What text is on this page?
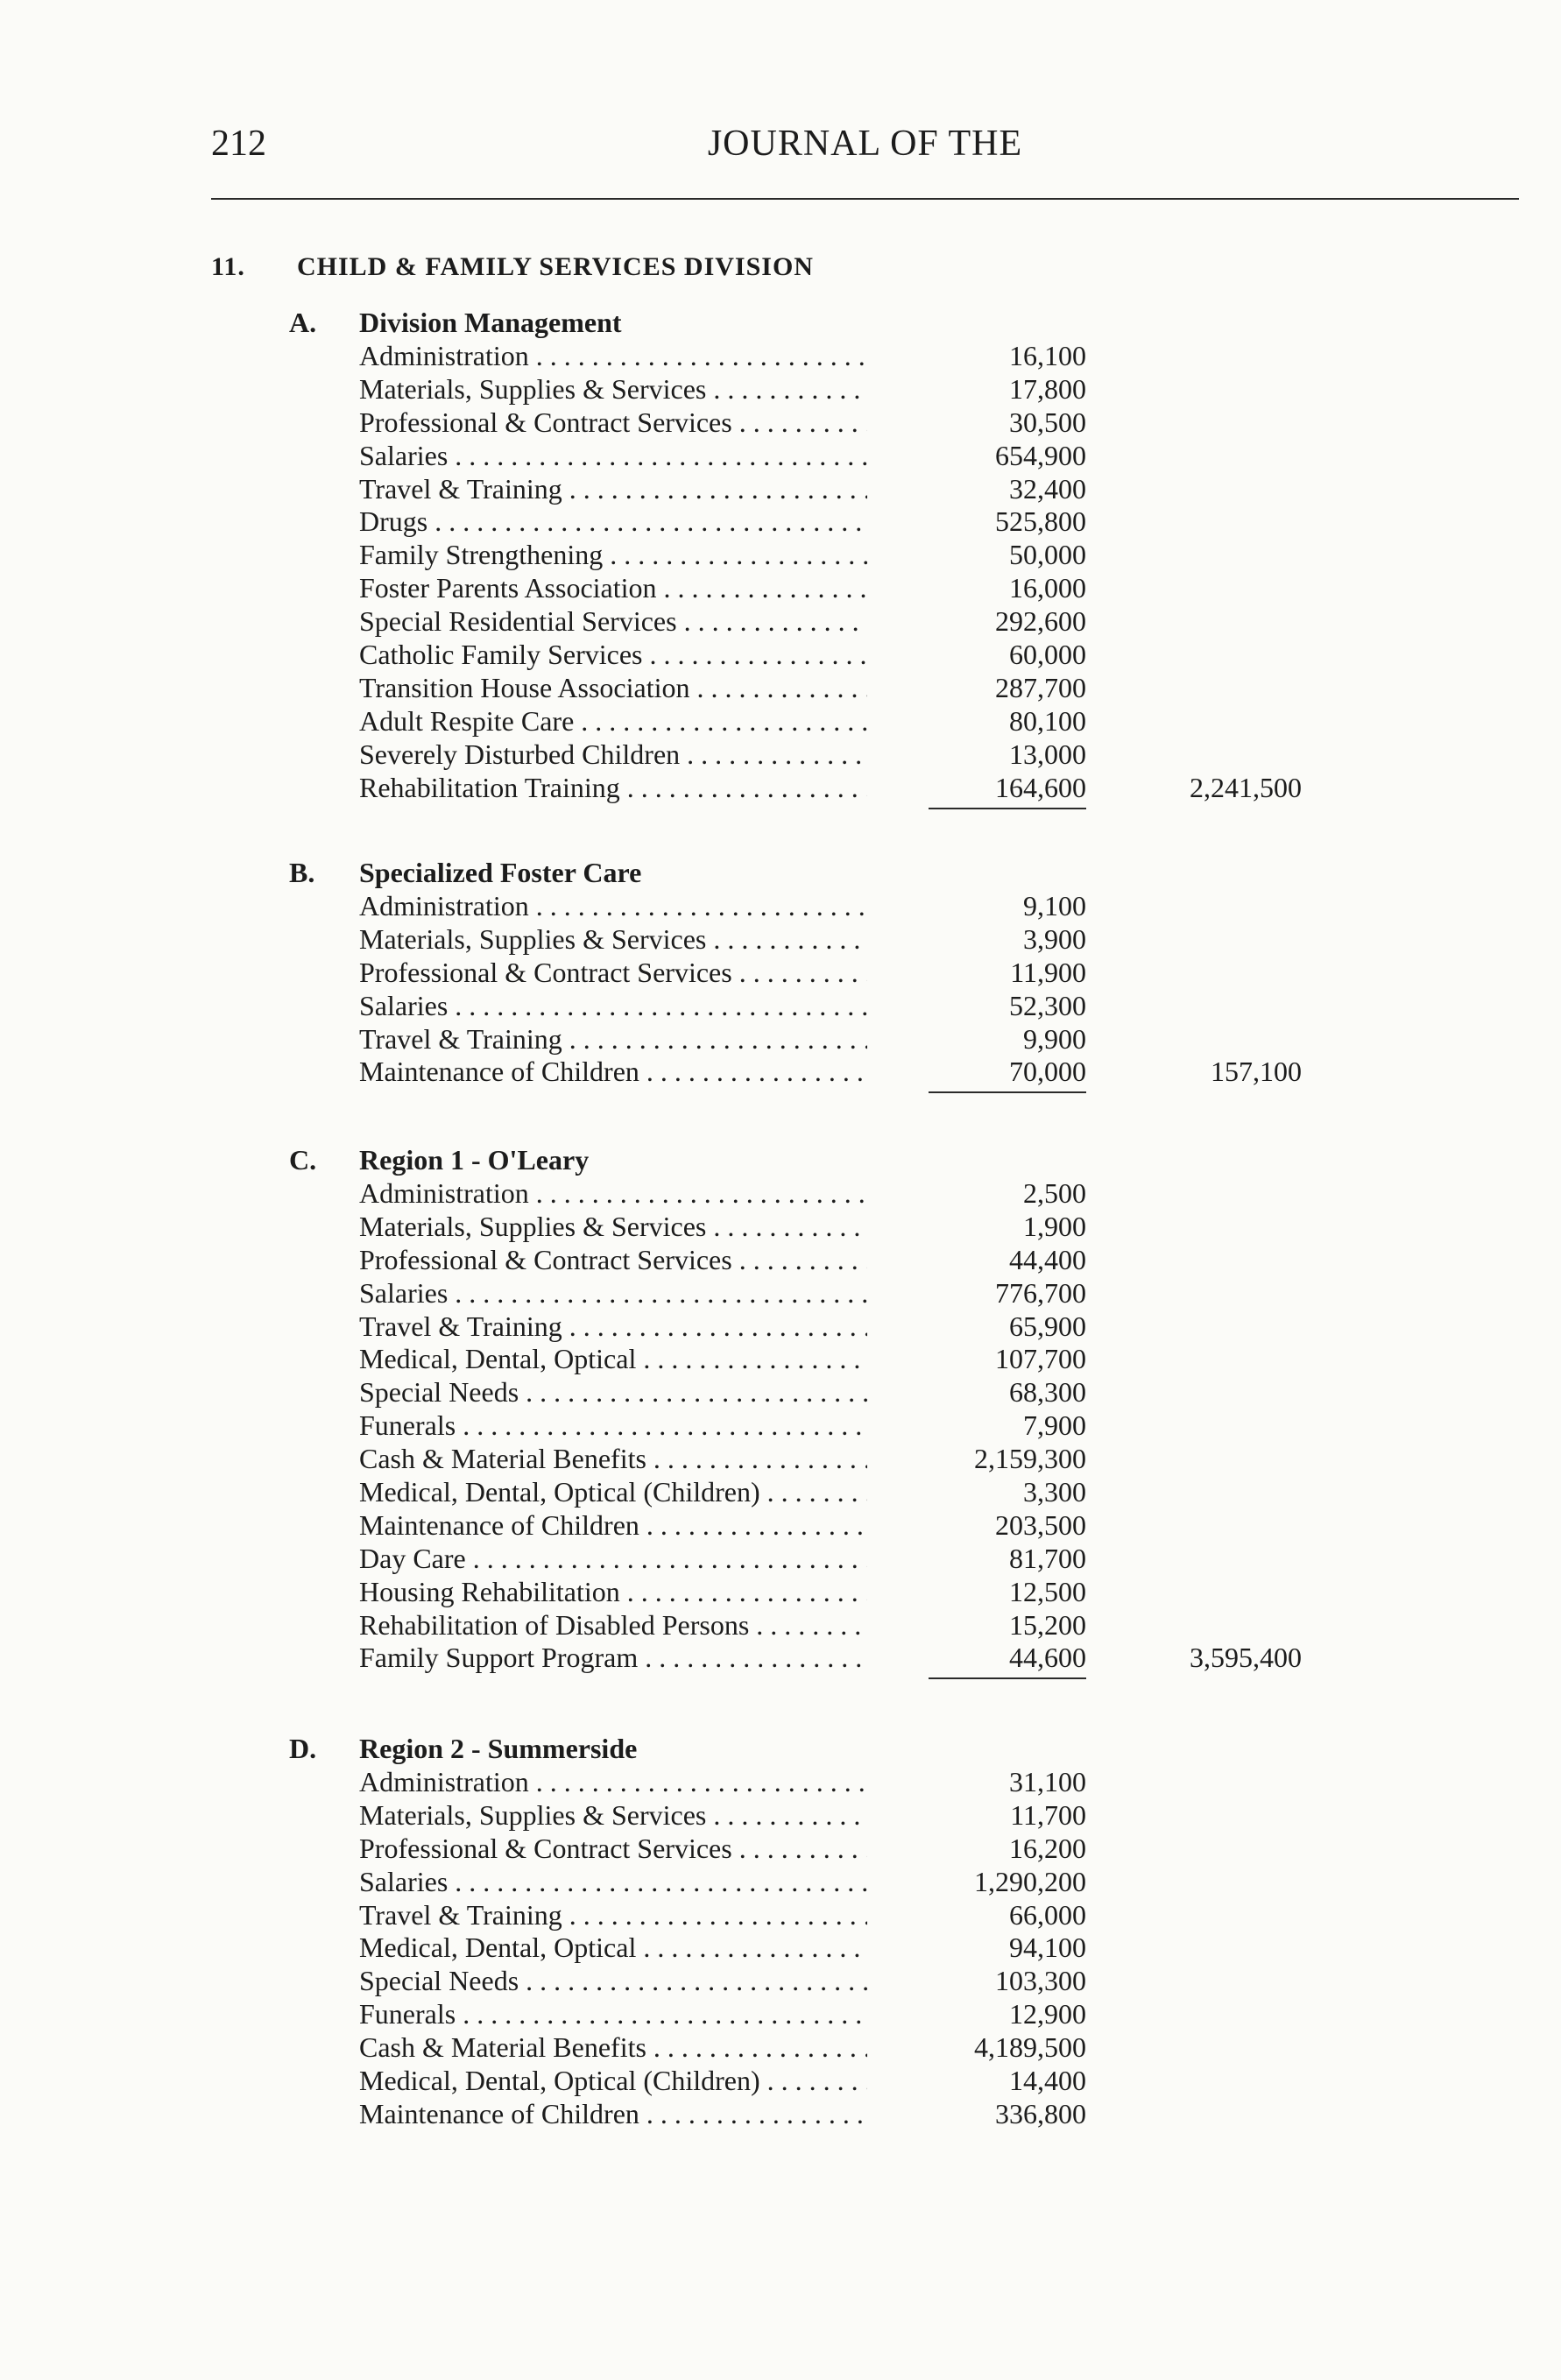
212	JOURNAL OF THE
11. CHILD & FAMILY SERVICES DIVISION
A. Division Management
Administration . . .	16,100
Materials, Supplies & Services . . .	17,800
Professional & Contract Services . . .	30,500
Salaries . . .	654,900
Travel & Training . . .	32,400
Drugs . . .	525,800
Family Strengthening . . .	50,000
Foster Parents Association . . .	16,000
Special Residential Services . . .	292,600
Catholic Family Services . . .	60,000
Transition House Association . . .	287,700
Adult Respite Care . . .	80,100
Severely Disturbed Children . . .	13,000
Rehabilitation Training . . .	164,600	2,241,500
B. Specialized Foster Care
Administration . . .	9,100
Materials, Supplies & Services . . .	3,900
Professional & Contract Services . . .	11,900
Salaries . . .	52,300
Travel & Training . . .	9,900
Maintenance of Children . . .	70,000	157,100
C. Region 1 - O'Leary
Administration . . .	2,500
Materials, Supplies & Services . . .	1,900
Professional & Contract Services . . .	44,400
Salaries . . .	776,700
Travel & Training . . .	65,900
Medical, Dental, Optical . . .	107,700
Special Needs . . .	68,300
Funerals . . .	7,900
Cash & Material Benefits . . .	2,159,300
Medical, Dental, Optical (Children) . . .	3,300
Maintenance of Children . . .	203,500
Day Care . . .	81,700
Housing Rehabilitation . . .	12,500
Rehabilitation of Disabled Persons . . .	15,200
Family Support Program . . .	44,600	3,595,400
D. Region 2 - Summerside
Administration . . .	31,100
Materials, Supplies & Services . . .	11,700
Professional & Contract Services . . .	16,200
Salaries . . .	1,290,200
Travel & Training . . .	66,000
Medical, Dental, Optical . . .	94,100
Special Needs . . .	103,300
Funerals . . .	12,900
Cash & Material Benefits . . .	4,189,500
Medical, Dental, Optical (Children) . . .	14,400
Maintenance of Children . . .	336,800
